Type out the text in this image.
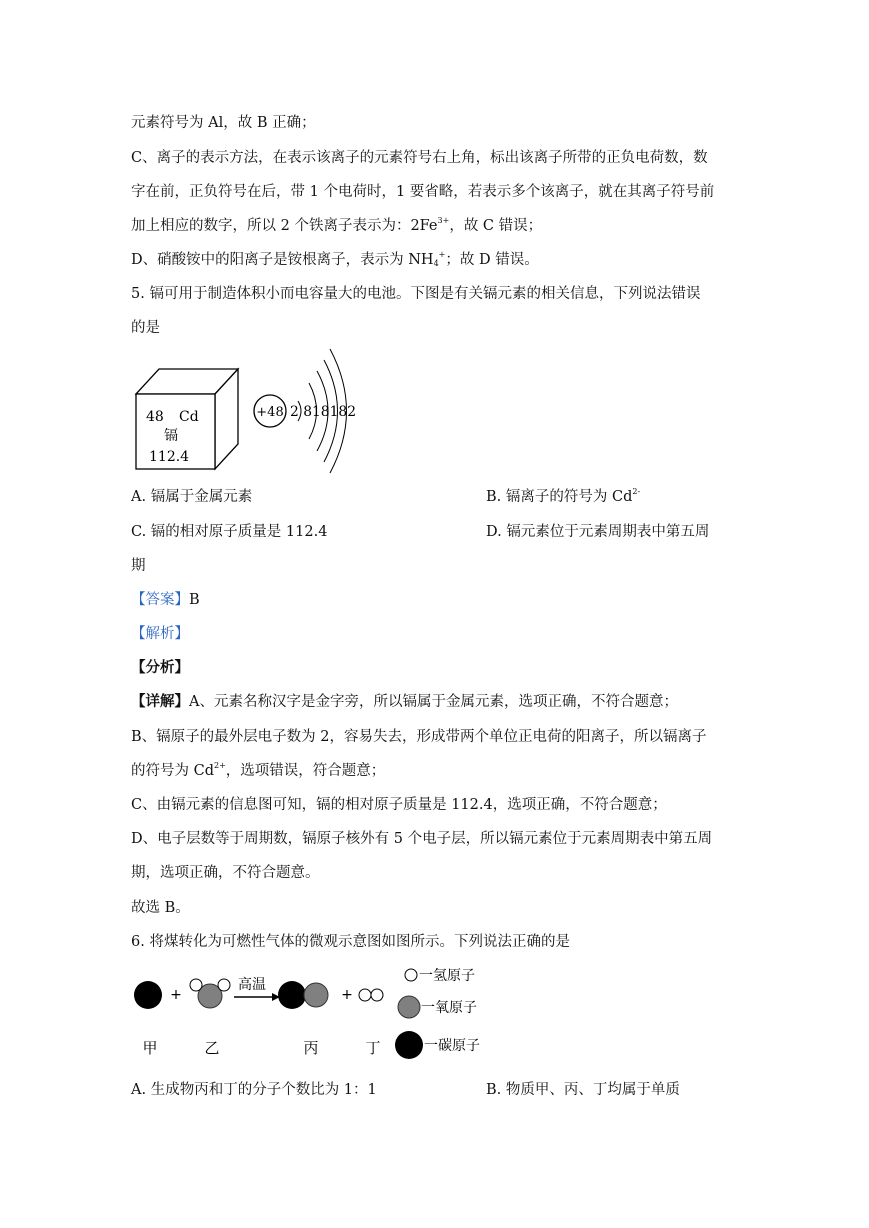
元素符号为 Al，故 B 正确；
C、离子的表示方法，在表示该离子的元素符号右上角，标出该离子所带的正负电荷数，数
字在前，正负符号在后，带 1 个电荷时，1 要省略，若表示多个该离子，就在其离子符号前
加上相应的数字，所以 2 个铁离子表示为：$2Fe^{3+}$，故 C 错误；
D、硝酸铵中的阳离子是铵根离子，表示为 $NH_4^+$；故 D 错误。
5. 镉可用于制造体积小而电容量大的电池。下图是有关镉元素的相关信息，下列说法错误
的是
48 Cd
镉
112.4
+48 2 818182
A. 镉属于金属元素	B. 镉离子的符号为 $Cd^{2-}$
C. 镉的相对原子质量是 112.4	D. 镉元素位于元素周期表中第五周
期
【答案】B
【解析】
【分析】
【详解】A、元素名称汉字是金字旁，所以镉属于金属元素，选项正确，不符合题意；
B、镉原子的最外层电子数为 2，容易失去，形成带两个单位正电荷的阳离子，所以镉离子
的符号为 $Cd^{2+}$，选项错误，符合题意；
C、由镉元素的信息图可知，镉的相对原子质量是 112.4，选项正确，不符合题意；
D、电子层数等于周期数，镉原子核外有 5 个电子层，所以镉元素位于元素周期表中第五周
期，选项正确，不符合题意。
故选 B。
6. 将煤转化为可燃性气体的微观示意图如图所示。下列说法正确的是
+
高温
+
甲	乙	丙	丁
一氢原子
一氧原子
一碳原子
A. 生成物丙和丁的分子个数比为 1：1	B. 物质甲、丙、丁均属于单质
